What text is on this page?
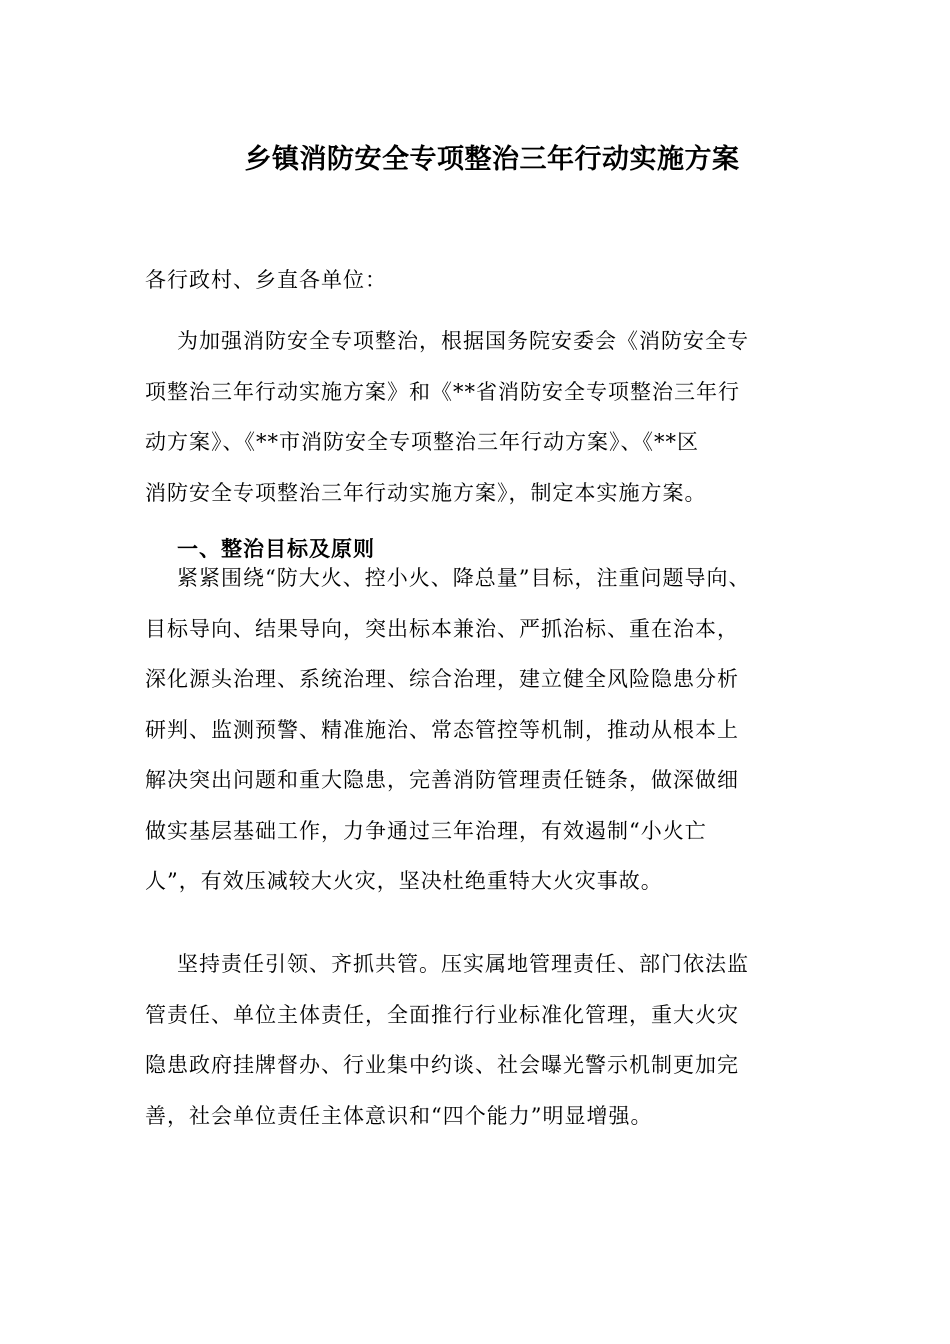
乡镇消防安全专项整治三年行动实施方案
各行政村、乡直各单位：
为加强消防安全专项整治，根据国务院安委会《消防安全专
项整治三年行动实施方案》和《**省消防安全专项整治三年行
动方案》、《**市消防安全专项整治三年行动方案》、《**区
消防安全专项整治三年行动实施方案》，制定本实施方案。
一、整治目标及原则
紧紧围绕“防大火、控小火、降总量”目标，注重问题导向、
目标导向、结果导向，突出标本兼治、严抓治标、重在治本，
深化源头治理、系统治理、综合治理，建立健全风险隐患分析
研判、监测预警、精准施治、常态管控等机制，推动从根本上
解决突出问题和重大隐患，完善消防管理责任链条，做深做细
做实基层基础工作，力争通过三年治理，有效遏制“小火亡
人”，有效压减较大火灾，坚决杜绝重特大火灾事故。
坚持责任引领、齐抓共管。压实属地管理责任、部门依法监
管责任、单位主体责任，全面推行行业标准化管理，重大火灾
隐患政府挂牌督办、行业集中约谈、社会曝光警示机制更加完
善，社会单位责任主体意识和“四个能力”明显增强。
